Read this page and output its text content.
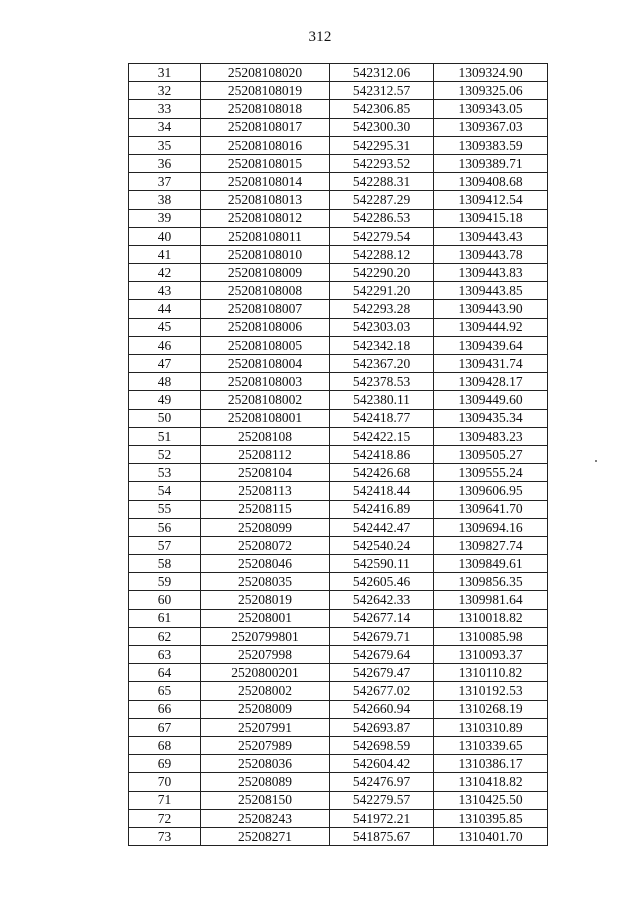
312
31	25208108020	542312.06	1309324.90
32	25208108019	542312.57	1309325.06
33	25208108018	542306.85	1309343.05
34	25208108017	542300.30	1309367.03
35	25208108016	542295.31	1309383.59
36	25208108015	542293.52	1309389.71
37	25208108014	542288.31	1309408.68
38	25208108013	542287.29	1309412.54
39	25208108012	542286.53	1309415.18
40	25208108011	542279.54	1309443.43
41	25208108010	542288.12	1309443.78
42	25208108009	542290.20	1309443.83
43	25208108008	542291.20	1309443.85
44	25208108007	542293.28	1309443.90
45	25208108006	542303.03	1309444.92
46	25208108005	542342.18	1309439.64
47	25208108004	542367.20	1309431.74
48	25208108003	542378.53	1309428.17
49	25208108002	542380.11	1309449.60
50	25208108001	542418.77	1309435.34
51	25208108	542422.15	1309483.23
52	25208112	542418.86	1309505.27
53	25208104	542426.68	1309555.24
54	25208113	542418.44	1309606.95
55	25208115	542416.89	1309641.70
56	25208099	542442.47	1309694.16
57	25208072	542540.24	1309827.74
58	25208046	542590.11	1309849.61
59	25208035	542605.46	1309856.35
60	25208019	542642.33	1309981.64
61	25208001	542677.14	1310018.82
62	2520799801	542679.71	1310085.98
63	25207998	542679.64	1310093.37
64	2520800201	542679.47	1310110.82
65	25208002	542677.02	1310192.53
66	25208009	542660.94	1310268.19
67	25207991	542693.87	1310310.89
68	25207989	542698.59	1310339.65
69	25208036	542604.42	1310386.17
70	25208089	542476.97	1310418.82
71	25208150	542279.57	1310425.50
72	25208243	541972.21	1310395.85
73	25208271	541875.67	1310401.70
